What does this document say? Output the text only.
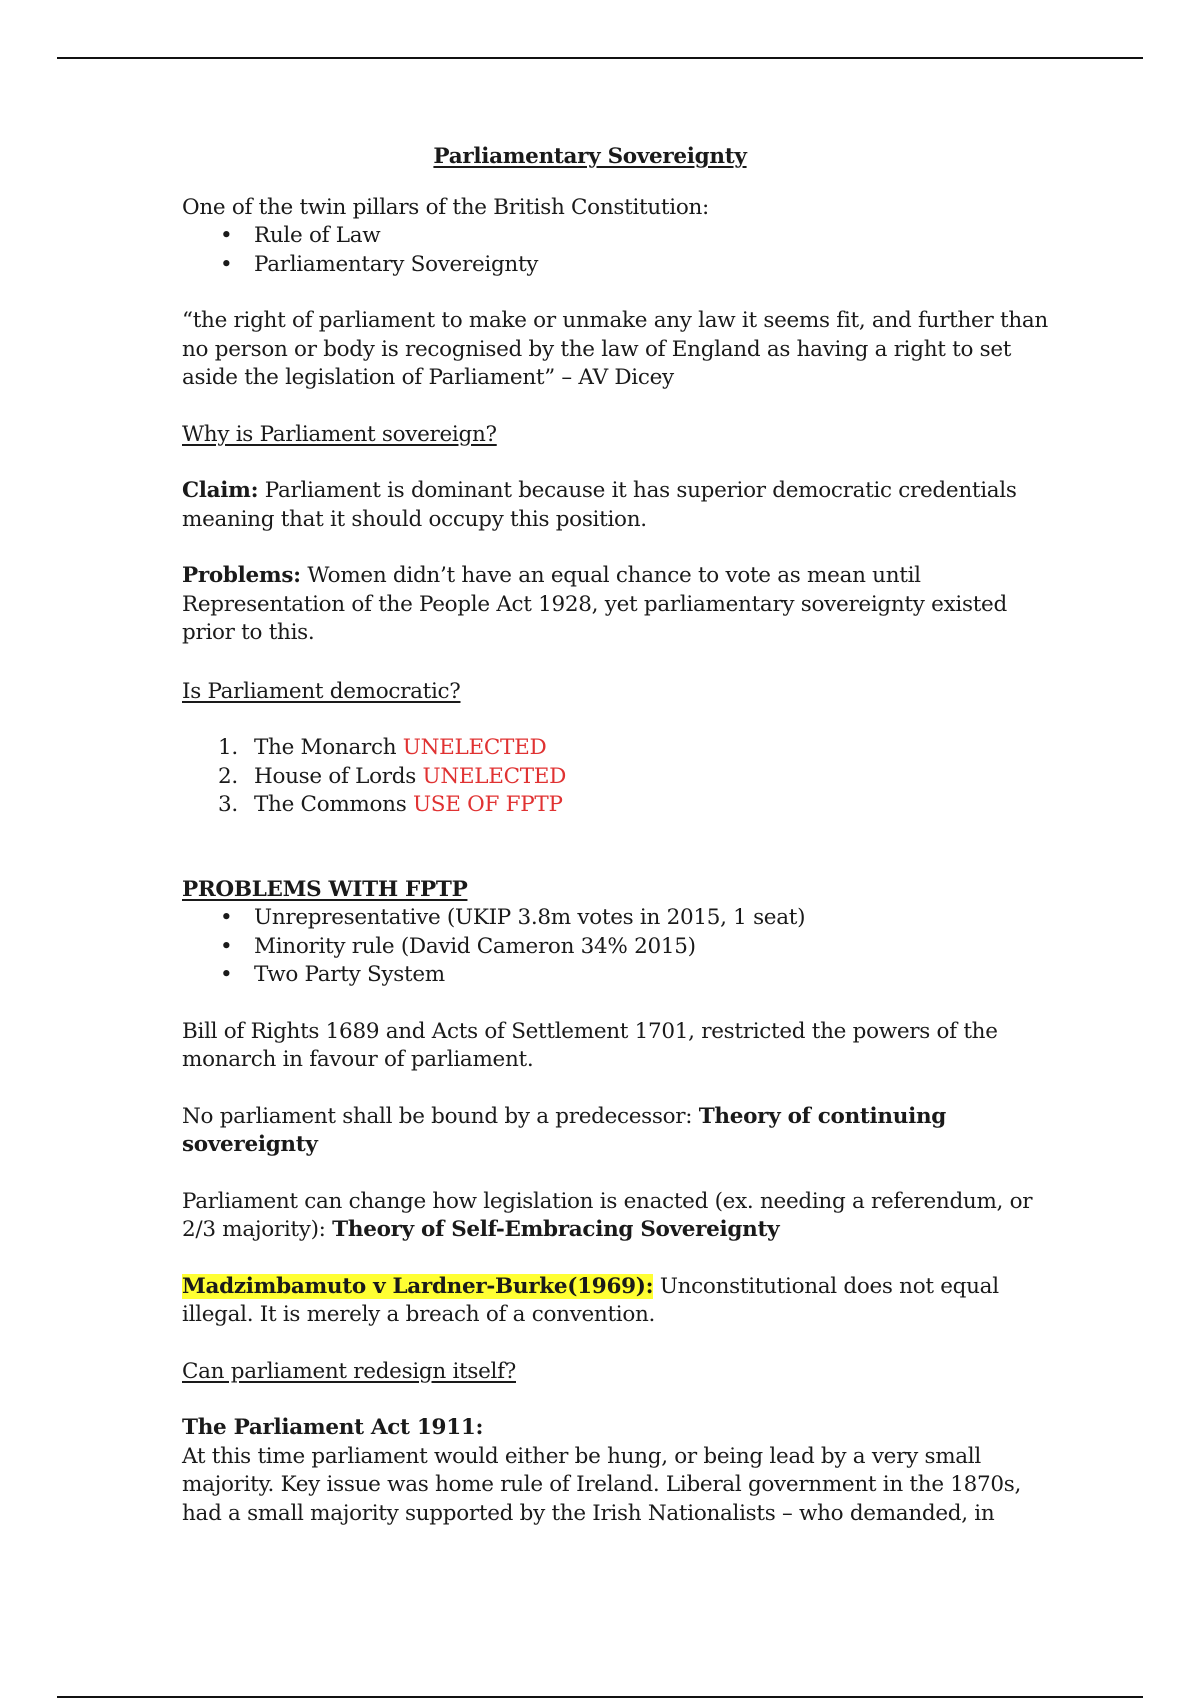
Parliamentary Sovereignty

One of the twin pillars of the British Constitution:

• Rule of Law
• Parliamentary Sovereignty

“the right of parliament to make or unmake any law it seems fit, and further than no person or body is recognised by the law of England as having a right to set aside the legislation of Parliament” – AV Dicey

Why is Parliament sovereign?

Claim: Parliament is dominant because it has superior democratic credentials meaning that it should occupy this position.

Problems: Women didn’t have an equal chance to vote as mean until Representation of the People Act 1928, yet parliamentary sovereignty existed prior to this.

Is Parliament democratic?

1. The Monarch UNELECTED
2. House of Lords UNELECTED
3. The Commons USE OF FPTP

PROBLEMS WITH FPTP

• Unrepresentative (UKIP 3.8m votes in 2015, 1 seat)
• Minority rule (David Cameron 34% 2015)
• Two Party System

Bill of Rights 1689 and Acts of Settlement 1701, restricted the powers of the monarch in favour of parliament.

No parliament shall be bound by a predecessor: Theory of continuing sovereignty

Parliament can change how legislation is enacted (ex. needing a referendum, or 2/3 majority): Theory of Self-Embracing Sovereignty

Madzimbamuto v Lardner-Burke(1969): Unconstitutional does not equal illegal. It is merely a breach of a convention.

Can parliament redesign itself?

The Parliament Act 1911:

At this time parliament would either be hung, or being lead by a very small majority. Key issue was home rule of Ireland. Liberal government in the 1870s, had a small majority supported by the Irish Nationalists – who demanded, in
